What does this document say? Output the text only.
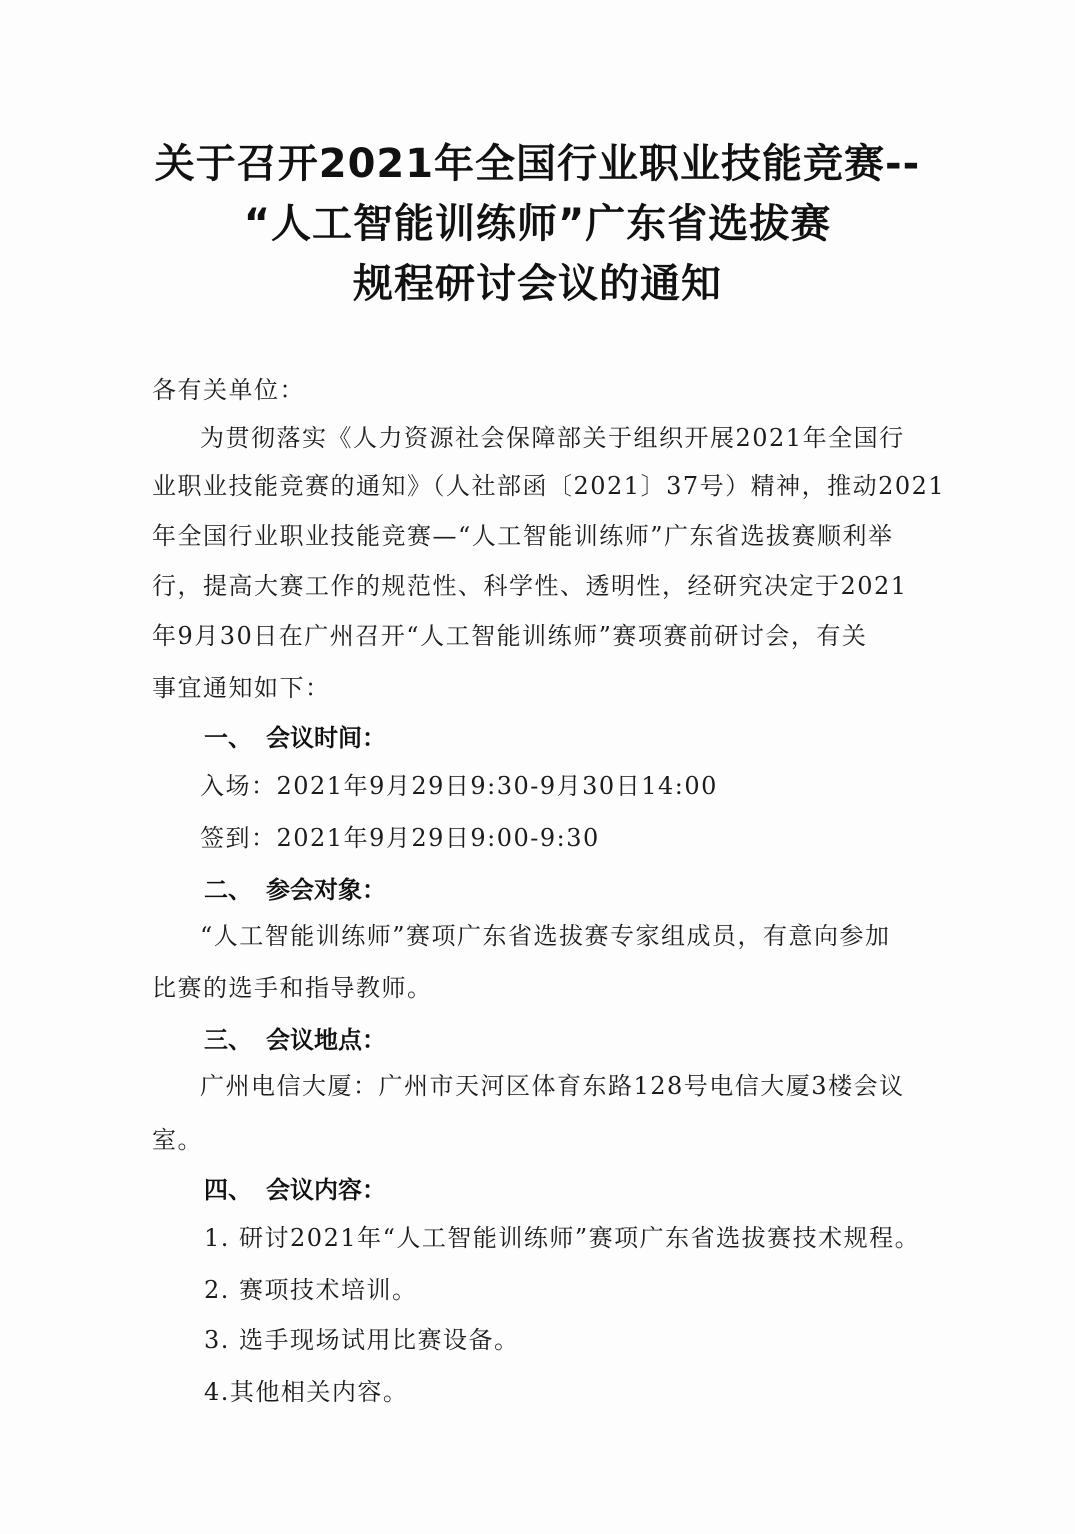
关于召开2021年全国行业职业技能竞赛--
“人工智能训练师”广东省选拔赛
规程研讨会议的通知
各有关单位：
为贯彻落实《人力资源社会保障部关于组织开展2021年全国行
业职业技能竞赛的通知》（人社部函〔2021〕37号）精神，推动2021
年全国行业职业技能竞赛—“人工智能训练师”广东省选拔赛顺利举
行，提高大赛工作的规范性、科学性、透明性，经研究决定于2021
年9月30日在广州召开“人工智能训练师”赛项赛前研讨会，有关
事宜通知如下：
一、 会议时间：
入场：2021年9月29日9:30-9月30日14:00
签到：2021年9月29日9:00-9:30
二、 参会对象：
“人工智能训练师”赛项广东省选拔赛专家组成员，有意向参加
比赛的选手和指导教师。
三、 会议地点：
广州电信大厦：广州市天河区体育东路128号电信大厦3楼会议
室。
四、 会议内容：
1. 研讨2021年“人工智能训练师”赛项广东省选拔赛技术规程。
2. 赛项技术培训。
3. 选手现场试用比赛设备。
4.其他相关内容。
